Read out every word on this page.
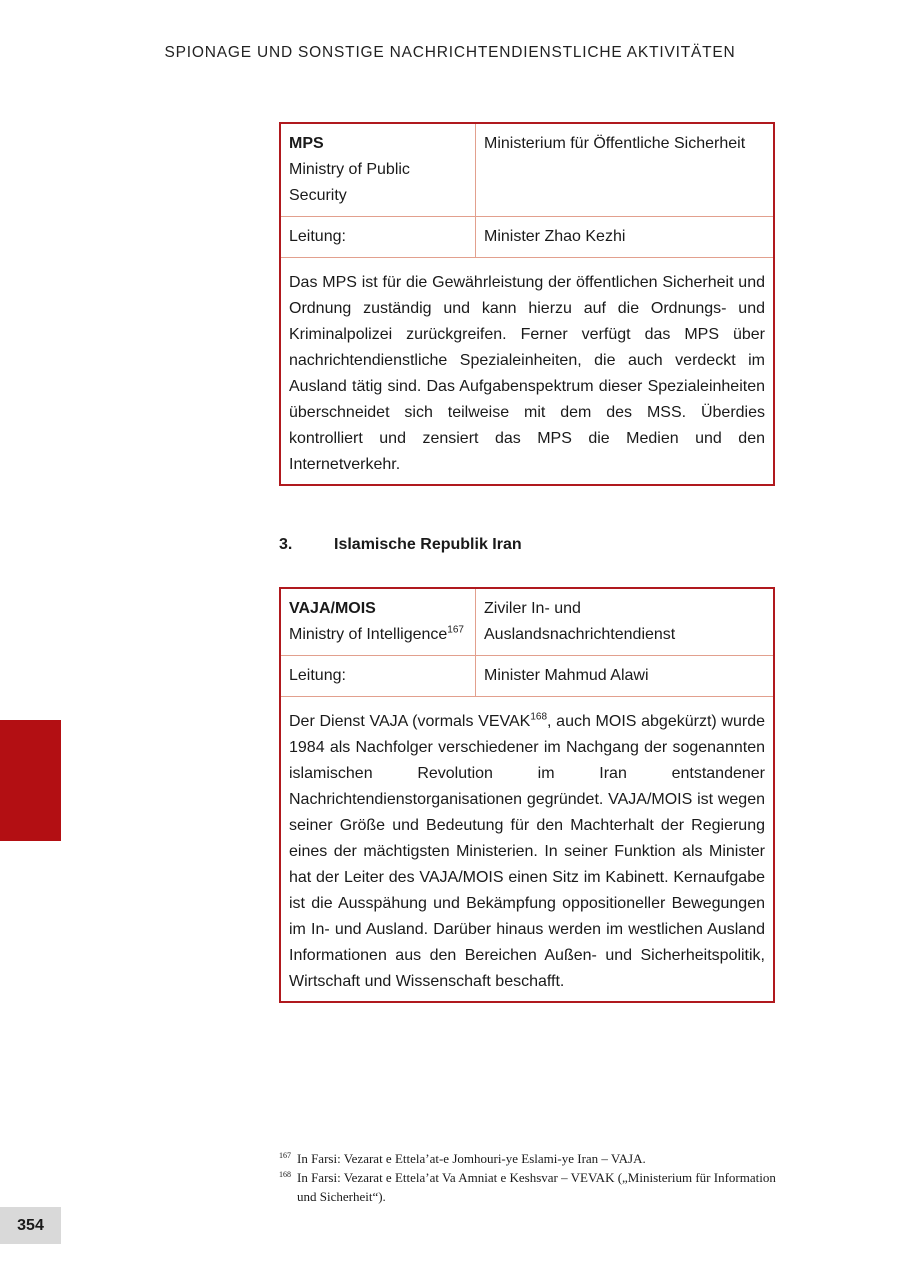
SPIONAGE UND SONSTIGE NACHRICHTENDIENSTLICHE AKTIVITÄTEN
MPS
Ministry of Public Security	Ministerium für Öffentliche Sicherheit
Leitung:	Minister Zhao Kezhi
Das MPS ist für die Gewährleistung der öffentlichen Sicherheit und Ordnung zuständig und kann hierzu auf die Ordnungs- und Kriminalpolizei zurückgreifen. Ferner verfügt das MPS über nachrichtendienstliche Spezialeinheiten, die auch verdeckt im Ausland tätig sind. Das Aufgabenspektrum dieser Spezialeinheiten überschneidet sich teilweise mit dem des MSS. Überdies kontrolliert und zensiert das MPS die Medien und den Internetverkehr.	
3.	Islamische Republik Iran
VAJA/MOIS
Ministry of Intelligence$^{167}$	Ziviler In- und Auslandsnachrichtendienst
Leitung:	Minister Mahmud Alawi
Der Dienst VAJA (vormals VEVAK$^{168}$, auch MOIS abgekürzt) wurde 1984 als Nachfolger verschiedener im Nachgang der sogenannten islamischen Revolution im Iran entstandener Nachrichtendienstorganisationen gegründet. VAJA/MOIS ist wegen seiner Größe und Bedeutung für den Machterhalt der Regierung eines der mächtigsten Ministerien. In seiner Funktion als Minister hat der Leiter des VAJA/MOIS einen Sitz im Kabinett. Kernaufgabe ist die Ausspähung und Bekämpfung oppositioneller Bewegungen im In- und Ausland. Darüber hinaus werden im westlichen Ausland Informationen aus den Bereichen Außen- und Sicherheitspolitik, Wirtschaft und Wissenschaft beschafft.	
167 In Farsi: Vezarat e Ettela’at-e Jomhouri-ye Eslami-ye Iran – VAJA.
168 In Farsi: Vezarat e Ettela’at Va Amniat e Keshsvar – VEVAK („Ministerium für Information und Sicherheit“).
354
